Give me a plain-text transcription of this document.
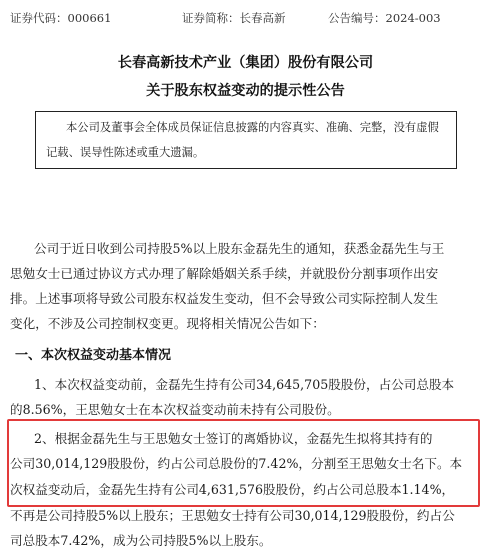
证券代码：000661	证券简称：长春高新	公告编号：2024-003
长春高新技术产业（集团）股份有限公司
关于股东权益变动的提示性公告
本公司及董事会全体成员保证信息披露的内容真实、准确、完整，没有虚假
记载、误导性陈述或重大遗漏。
公司于近日收到公司持股5%以上股东金磊先生的通知，获悉金磊先生与王
思勉女士已通过协议方式办理了解除婚姻关系手续，并就股份分割事项作出安
排。上述事项将导致公司股东权益发生变动，但不会导致公司实际控制人发生
变化，不涉及公司控制权变更。现将相关情况公告如下：
一、本次权益变动基本情况
1、本次权益变动前，金磊先生持有公司34,645,705股股份，占公司总股本
的8.56%，王思勉女士在本次权益变动前未持有公司股份。
2、根据金磊先生与王思勉女士签订的离婚协议，金磊先生拟将其持有的
公司30,014,129股股份，约占公司总股份的7.42%，分割至王思勉女士名下。本
次权益变动后，金磊先生持有公司4,631,576股股份，约占公司总股本1.14%，
不再是公司持股5%以上股东；王思勉女士持有公司30,014,129股股份，约占公
司总股本7.42%，成为公司持股5%以上股东。
